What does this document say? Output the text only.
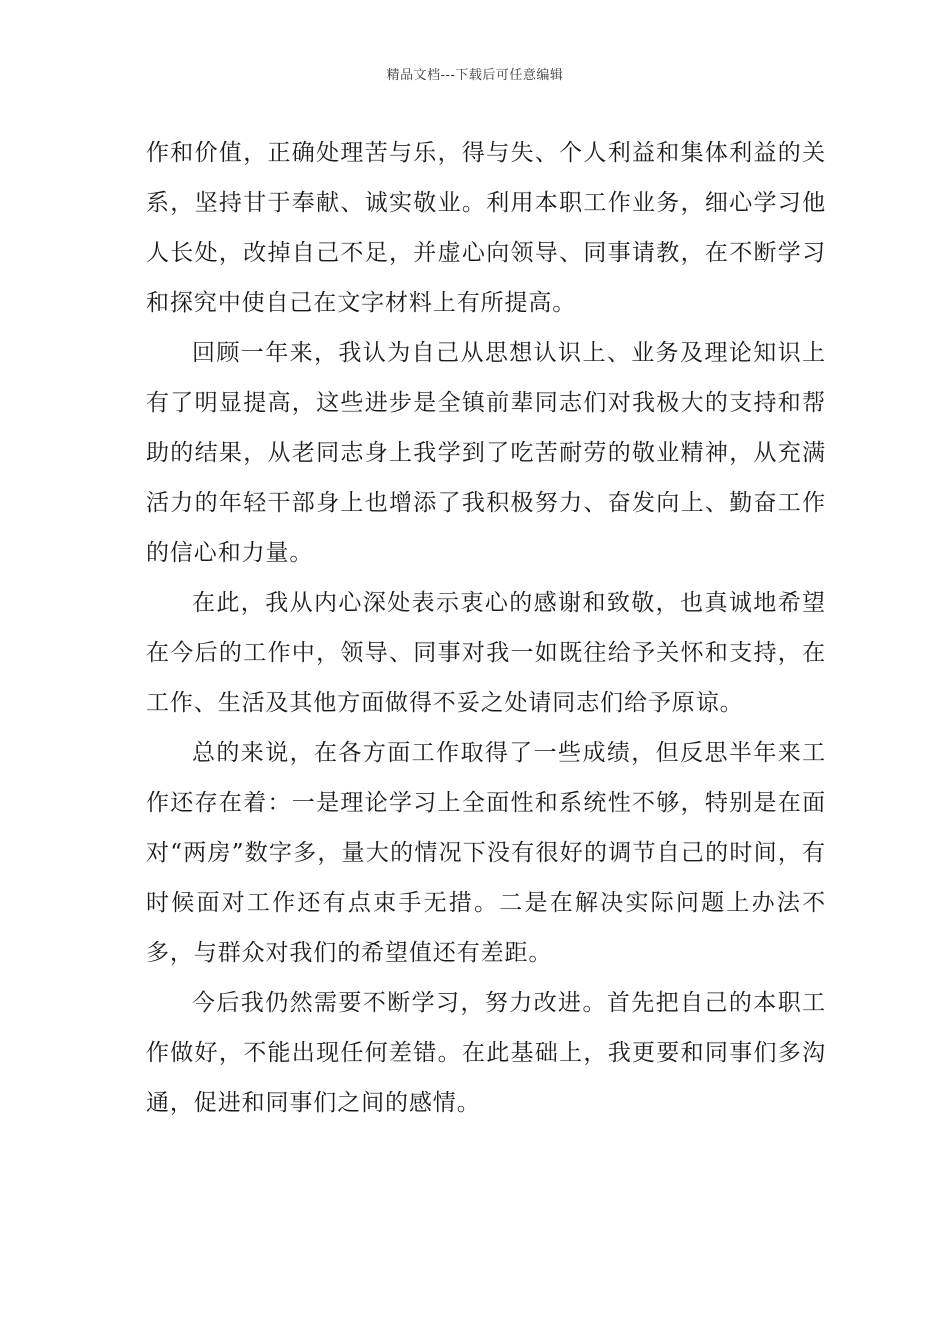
精品文档---下载后可任意编辑

作和价值，正确处理苦与乐，得与失、个人利益和集体利益的关系，坚持甘于奉献、诚实敬业。利用本职工作业务，细心学习他人长处，改掉自己不足，并虚心向领导、同事请教，在不断学习和探究中使自己在文字材料上有所提高。

回顾一年来，我认为自己从思想认识上、业务及理论知识上有了明显提高，这些进步是全镇前辈同志们对我极大的支持和帮助的结果，从老同志身上我学到了吃苦耐劳的敬业精神，从充满活力的年轻干部身上也增添了我积极努力、奋发向上、勤奋工作的信心和力量。

在此，我从内心深处表示衷心的感谢和致敬，也真诚地希望在今后的工作中，领导、同事对我一如既往给予关怀和支持，在工作、生活及其他方面做得不妥之处请同志们给予原谅。

总的来说，在各方面工作取得了一些成绩，但反思半年来工作还存在着：一是理论学习上全面性和系统性不够，特别是在面对“两房”数字多，量大的情况下没有很好的调节自己的时间，有时候面对工作还有点束手无措。二是在解决实际问题上办法不多，与群众对我们的希望值还有差距。

今后我仍然需要不断学习，努力改进。首先把自己的本职工作做好，不能出现任何差错。在此基础上，我更要和同事们多沟通，促进和同事们之间的感情。
